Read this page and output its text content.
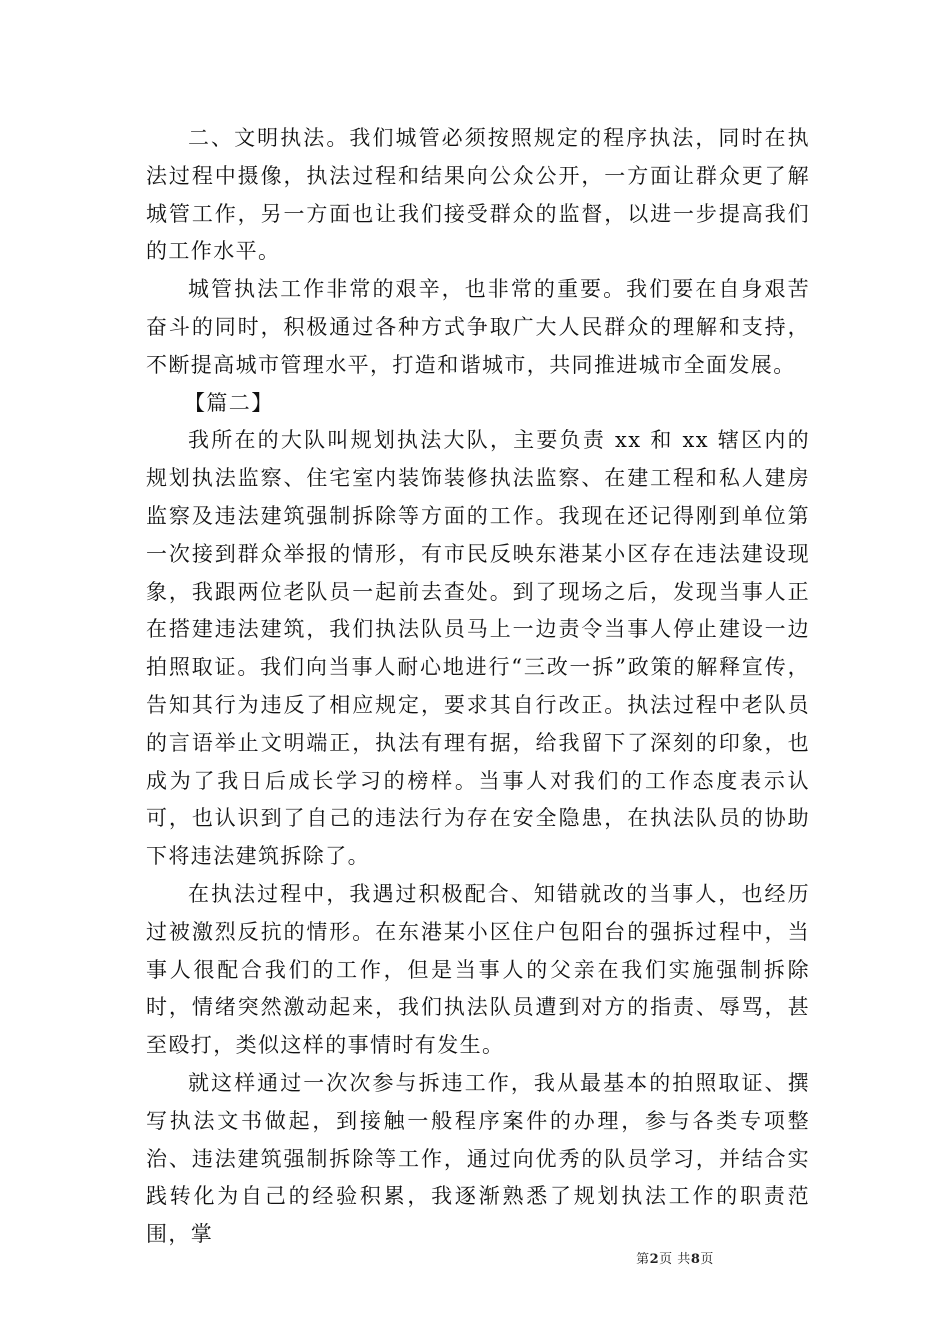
二、文明执法。我们城管必须按照规定的程序执法，同时在执法过程中摄像，执法过程和结果向公众公开，一方面让群众更了解城管工作，另一方面也让我们接受群众的监督，以进一步提高我们的工作水平。

城管执法工作非常的艰辛，也非常的重要。我们要在自身艰苦奋斗的同时，积极通过各种方式争取广大人民群众的理解和支持，不断提高城市管理水平，打造和谐城市，共同推进城市全面发展。

【篇二】

我所在的大队叫规划执法大队，主要负责 xx 和 xx 辖区内的规划执法监察、住宅室内装饰装修执法监察、在建工程和私人建房监察及违法建筑强制拆除等方面的工作。我现在还记得刚到单位第一次接到群众举报的情形，有市民反映东港某小区存在违法建设现象，我跟两位老队员一起前去查处。到了现场之后，发现当事人正在搭建违法建筑，我们执法队员马上一边责令当事人停止建设一边拍照取证。我们向当事人耐心地进行“三改一拆”政策的解释宣传，告知其行为违反了相应规定，要求其自行改正。执法过程中老队员的言语举止文明端正，执法有理有据，给我留下了深刻的印象，也成为了我日后成长学习的榜样。当事人对我们的工作态度表示认可，也认识到了自己的违法行为存在安全隐患，在执法队员的协助下将违法建筑拆除了。

在执法过程中，我遇过积极配合、知错就改的当事人，也经历过被激烈反抗的情形。在东港某小区住户包阳台的强拆过程中，当事人很配合我们的工作，但是当事人的父亲在我们实施强制拆除时，情绪突然激动起来，我们执法队员遭到对方的指责、辱骂，甚至殴打，类似这样的事情时有发生。

就这样通过一次次参与拆违工作，我从最基本的拍照取证、撰写执法文书做起，到接触一般程序案件的办理，参与各类专项整治、违法建筑强制拆除等工作，通过向优秀的队员学习，并结合实践转化为自己的经验积累，我逐渐熟悉了规划执法工作的职责范围，掌

第2页 共8页
